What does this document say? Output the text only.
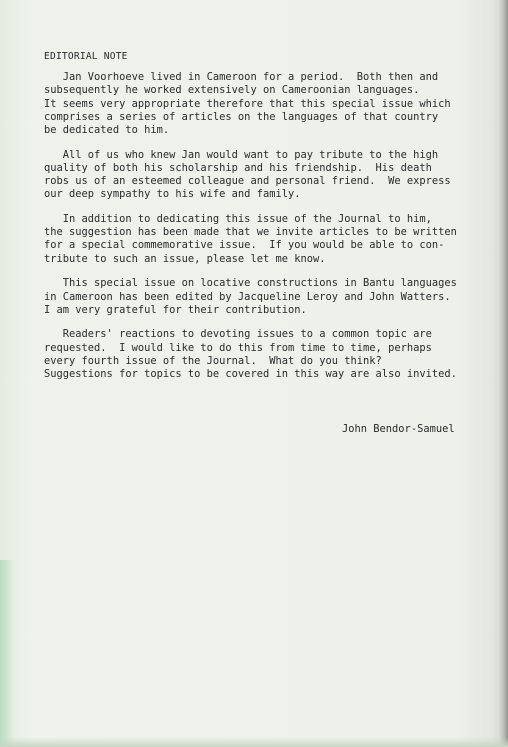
EDITORIAL NOTE
Jan Voorhoeve lived in Cameroon for a period.  Both then and
subsequently he worked extensively on Cameroonian languages.
It seems very appropriate therefore that this special issue which
comprises a series of articles on the languages of that country
be dedicated to him.
All of us who knew Jan would want to pay tribute to the high
quality of both his scholarship and his friendship.  His death
robs us of an esteemed colleague and personal friend.  We express
our deep sympathy to his wife and family.
In addition to dedicating this issue of the Journal to him,
the suggestion has been made that we invite articles to be written
for a special commemorative issue.  If you would be able to con-
tribute to such an issue, please let me know.
This special issue on locative constructions in Bantu languages
in Cameroon has been edited by Jacqueline Leroy and John Watters.
I am very grateful for their contribution.
Readers' reactions to devoting issues to a common topic are
requested.  I would like to do this from time to time, perhaps
every fourth issue of the Journal.  What do you think?
Suggestions for topics to be covered in this way are also invited.
John Bendor-Samuel
